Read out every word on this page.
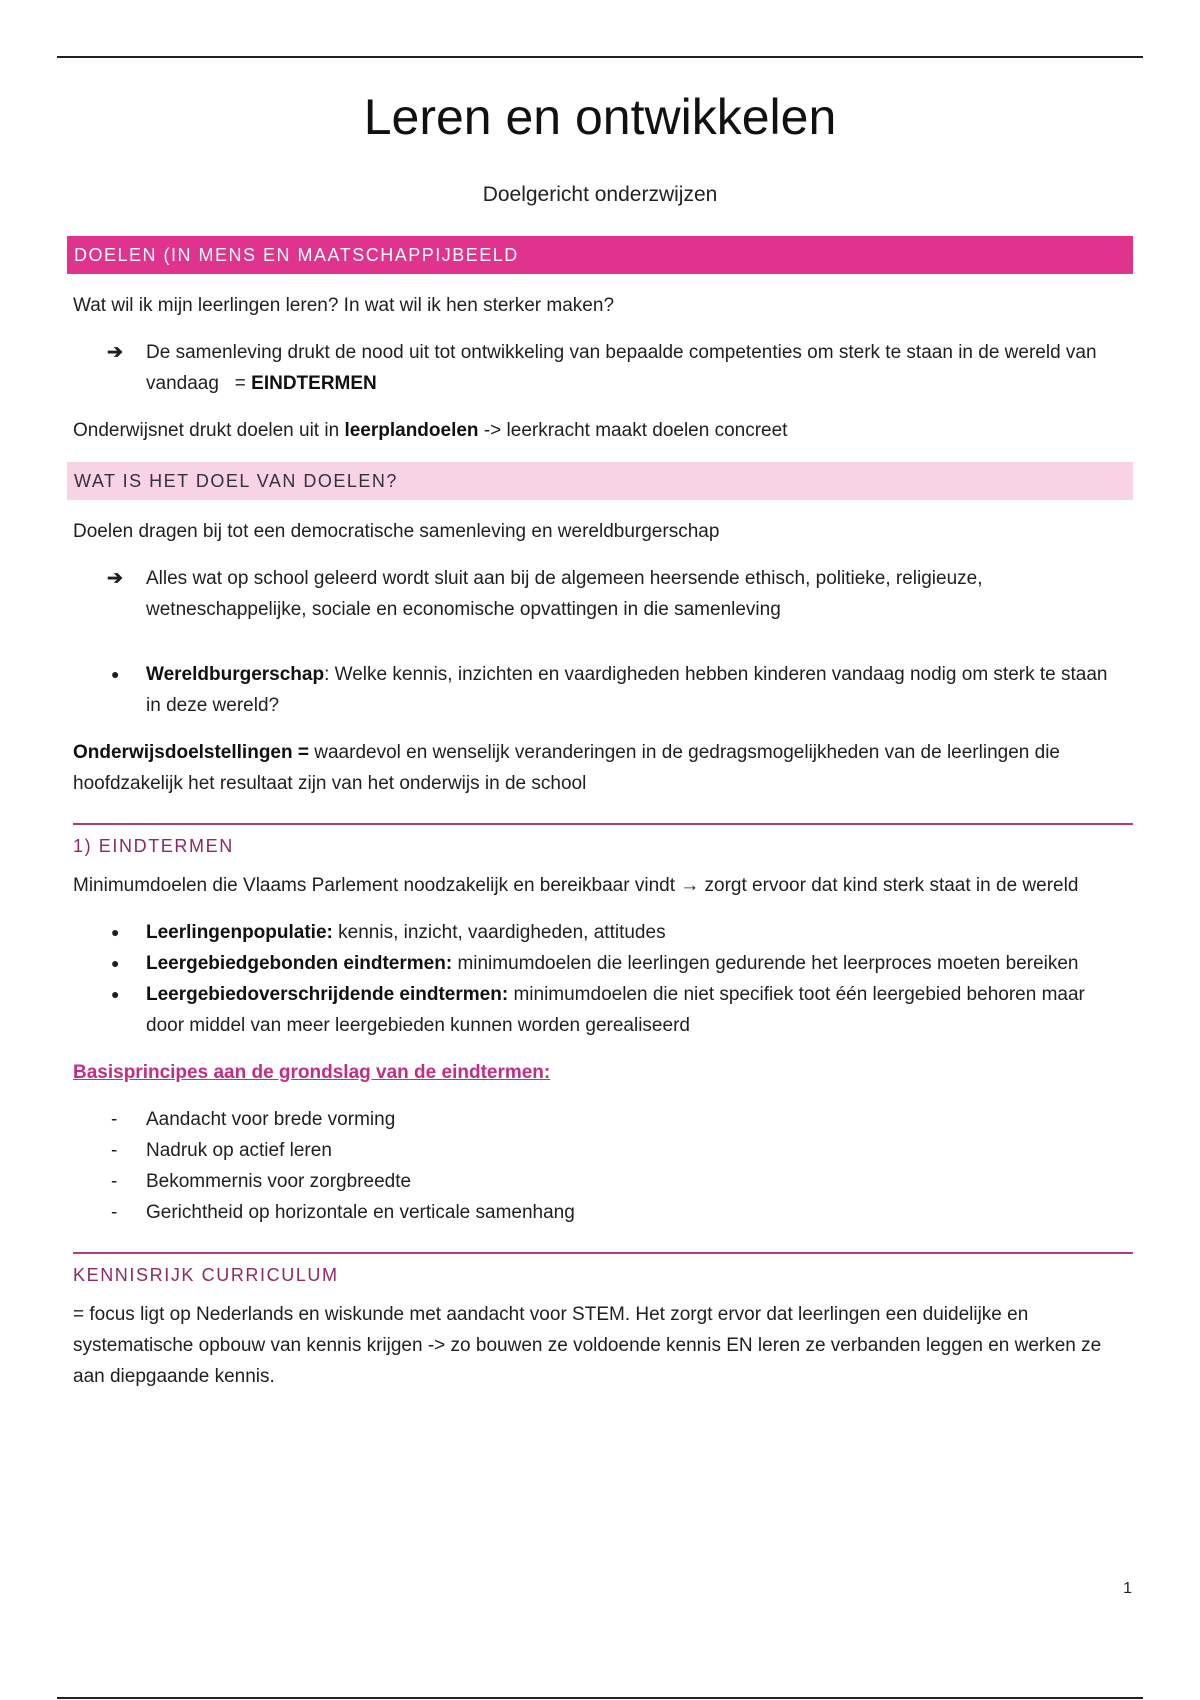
Leren en ontwikkelen
Doelgericht onderzwijzen
DOELEN (IN MENS EN MAATSCHAPPIJBEELD

Wat wil ik mijn leerlingen leren? In wat wil ik hen sterker maken?

➔	De samenleving drukt de nood uit tot ontwikkeling van bepaalde competenties om sterk te staan in de wereld van vandaag = EINDTERMEN

Onderwijsnet drukt doelen uit in leerplandoelen -> leerkracht maakt doelen concreet

WAT IS HET DOEL VAN DOELEN?

Doelen dragen bij tot een democratische samenleving en wereldburgerschap

➔	Alles wat op school geleerd wordt sluit aan bij de algemeen heersende ethisch, politieke, religieuze, wetneschappelijke, sociale en economische opvattingen in die samenleving
●	Wereldburgerschap: Welke kennis, inzichten en vaardigheden hebben kinderen vandaag nodig om sterk te staan in deze wereld?

Onderwijsdoelstellingen = waardevol en wenselijk veranderingen in de gedragsmogelijkheden van de leerlingen die hoofdzakelijk het resultaat zijn van het onderwijs in de school

1) EINDTERMEN

Minimumdoelen die Vlaams Parlement noodzakelijk en bereikbaar vindt → zorgt ervoor dat kind sterk staat in de wereld

●	Leerlingenpopulatie: kennis, inzicht, vaardigheden, attitudes
●	Leergebiedgebonden eindtermen: minimumdoelen die leerlingen gedurende het leerproces moeten bereiken
●	Leergebiedoverschrijdende eindtermen: minimumdoelen die niet specifiek toot één leergebied behoren maar door middel van meer leergebieden kunnen worden gerealiseerd
Basisprincipes aan de grondslag van de eindtermen:
-	Aandacht voor brede vorming
-	Nadruk op actief leren
-	Bekommernis voor zorgbreedte
-	Gerichtheid op horizontale en verticale samenhang
KENNISRIJK CURRICULUM

= focus ligt op Nederlands en wiskunde met aandacht voor STEM. Het zorgt ervor dat leerlingen een duidelijke en systematische opbouw van kennis krijgen -> zo bouwen ze voldoende kennis EN leren ze verbanden leggen en werken ze aan diepgaande kennis.

1
